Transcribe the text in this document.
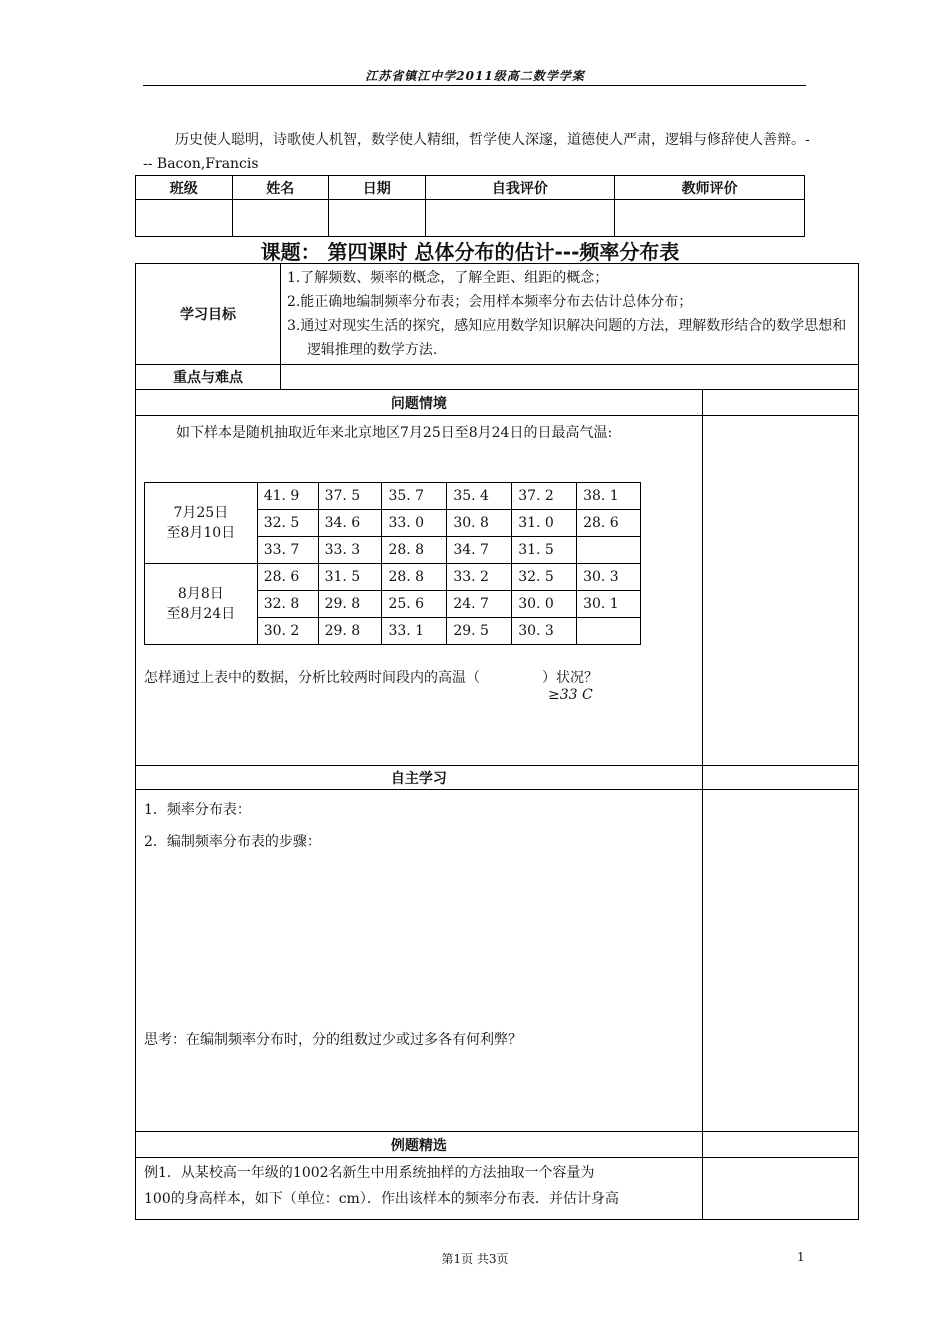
江苏省镇江中学2011级高二数学学案
历史使人聪明，诗歌使人机智，数学使人精细，哲学使人深邃，道德使人严肃，逻辑与修辞使人善辩。--- Bacon,Francis
班级	姓名	日期	自我评价	教师评价

课题： 第四课时 总体分布的估计---频率分布表
学习目标	
1.了解频数、频率的概念，了解全距、组距的概念；
2.能正确地编制频率分布表；会用样本频率分布去估计总体分布；
3.通过对现实生活的探究，感知应用数学知识解决问题的方法，理解数形结合的数学思想和逻辑推理的数学方法.

重点与难点	
问题情境	

如下样本是随机抽取近年来北京地区7月25日至8月24日的日最高气温:
7月25日
至8月10日	41. 9	37. 5	35. 7	35. 4	37. 2	38. 1
32. 5	34. 6	33. 0	30. 8	31. 0	28. 6
33. 7	33. 3	28. 8	34. 7	31. 5	
8月8日
至8月24日	28. 6	31. 5	28. 8	33. 2	32. 5	30. 3
32. 8	29. 8	25. 6	24. 7	30. 0	30. 1
30. 2	29. 8	33. 1	29. 5	30. 3	
怎样通过上表中的数据，分析比较两时间段内的高温（	）状况？
≥33 C

自主学习	

1．频率分布表：
2．编制频率分布表的步骤：
思考：在编制频率分布时，分的组数过少或过多各有何利弊？

例题精选	

例1．从某校高一年级的1002名新生中用系统抽样的方法抽取一个容量为
100的身高样本，如下（单位：cm）．作出该样本的频率分布表．并估计身高

第1页 共3页	1
